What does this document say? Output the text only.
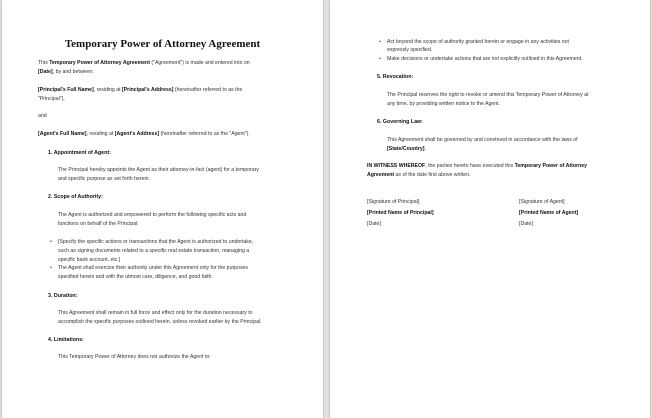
Temporary Power of Attorney Agreement
This Temporary Power of Attorney Agreement ("Agreement") is made and entered into on
[Date], by and between:
[Principal's Full Name], residing at [Principal's Address] (hereinafter referred to as the
"Principal"),
and
[Agent's Full Name], residing at [Agent's Address] (hereinafter referred to as the "Agent").
1. Appointment of Agent:
The Principal hereby appoints the Agent as their attorney-in-fact (agent) for a temporary
and specific purpose as set forth herein.
2. Scope of Authority:
The Agent is authorized and empowered to perform the following specific acts and
functions on behalf of the Principal:
• [Specify the specific actions or transactions that the Agent is authorized to undertake,
such as signing documents related to a specific real estate transaction, managing a
specific bank account, etc.]
• The Agent shall exercise their authority under this Agreement only for the purposes
specified herein and with the utmost care, diligence, and good faith.
3. Duration:
This Agreement shall remain in full force and effect only for the duration necessary to
accomplish the specific purposes outlined herein, unless revoked earlier by the Principal.
4. Limitations:
This Temporary Power of Attorney does not authorize the Agent to:
• Act beyond the scope of authority granted herein or engage in any activities not
expressly specified.
• Make decisions or undertake actions that are not explicitly outlined in this Agreement.
5. Revocation:
The Principal reserves the right to revoke or amend this Temporary Power of Attorney at
any time, by providing written notice to the Agent.
6. Governing Law:
This Agreement shall be governed by and construed in accordance with the laws of
[State/Country].
IN WITNESS WHEREOF, the parties hereto have executed this Temporary Power of Attorney
Agreement as of the date first above written.
[Signature of Principal]
[Printed Name of Principal]
[Date]
[Signature of Agent]
[Printed Name of Agent]
[Date]
